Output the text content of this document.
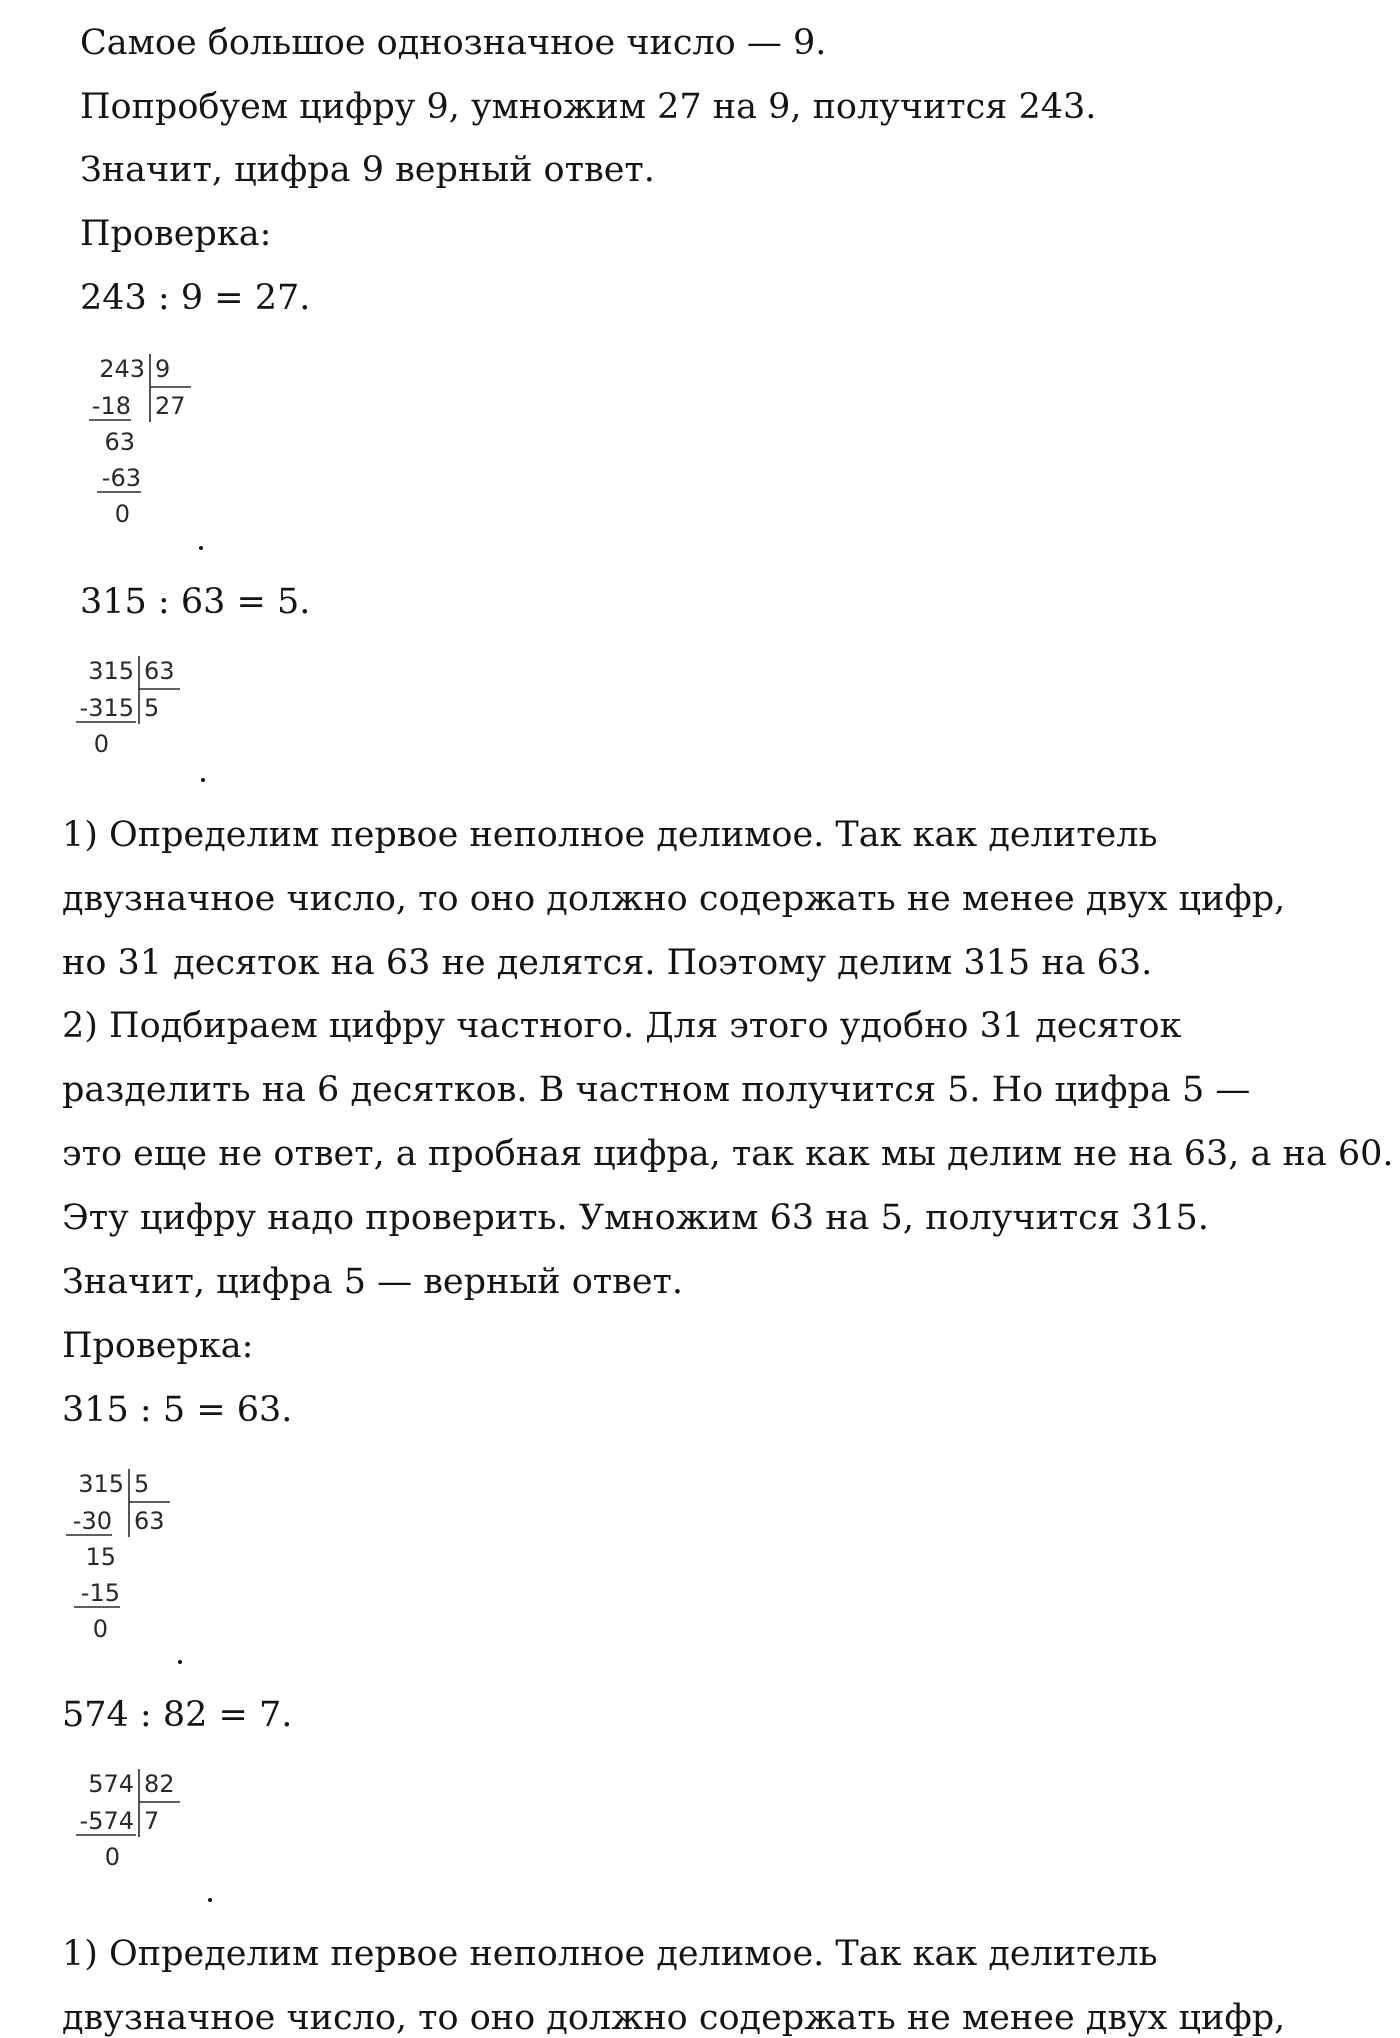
Самое большое однозначное число — 9.
Попробуем цифру 9, умножим 27 на 9, получится 243.
Значит, цифра 9 верный ответ.
Проверка:
243 : 9 = 27.
243 9
27
-18
63
-63
0
315 : 63 = 5.
315 63
5
-315
0
1) Определим первое неполное делимое. Так как делитель
двузначное число, то оно должно содержать не менее двух цифр,
но 31 десяток на 63 не делятся. Поэтому делим 315 на 63.
2) Подбираем цифру частного. Для этого удобно 31 десяток
разделить на 6 десятков. В частном получится 5. Но цифра 5 —
это еще не ответ, а пробная цифра, так как мы делим не на 63, а на 60.
Эту цифру надо проверить. Умножим 63 на 5, получится 315.
Значит, цифра 5 — верный ответ.
Проверка:
315 : 5 = 63.
315 5
63
-30
15
-15
0
574 : 82 = 7.
574 82
7
-574
0
1) Определим первое неполное делимое. Так как делитель
двузначное число, то оно должно содержать не менее двух цифр,
